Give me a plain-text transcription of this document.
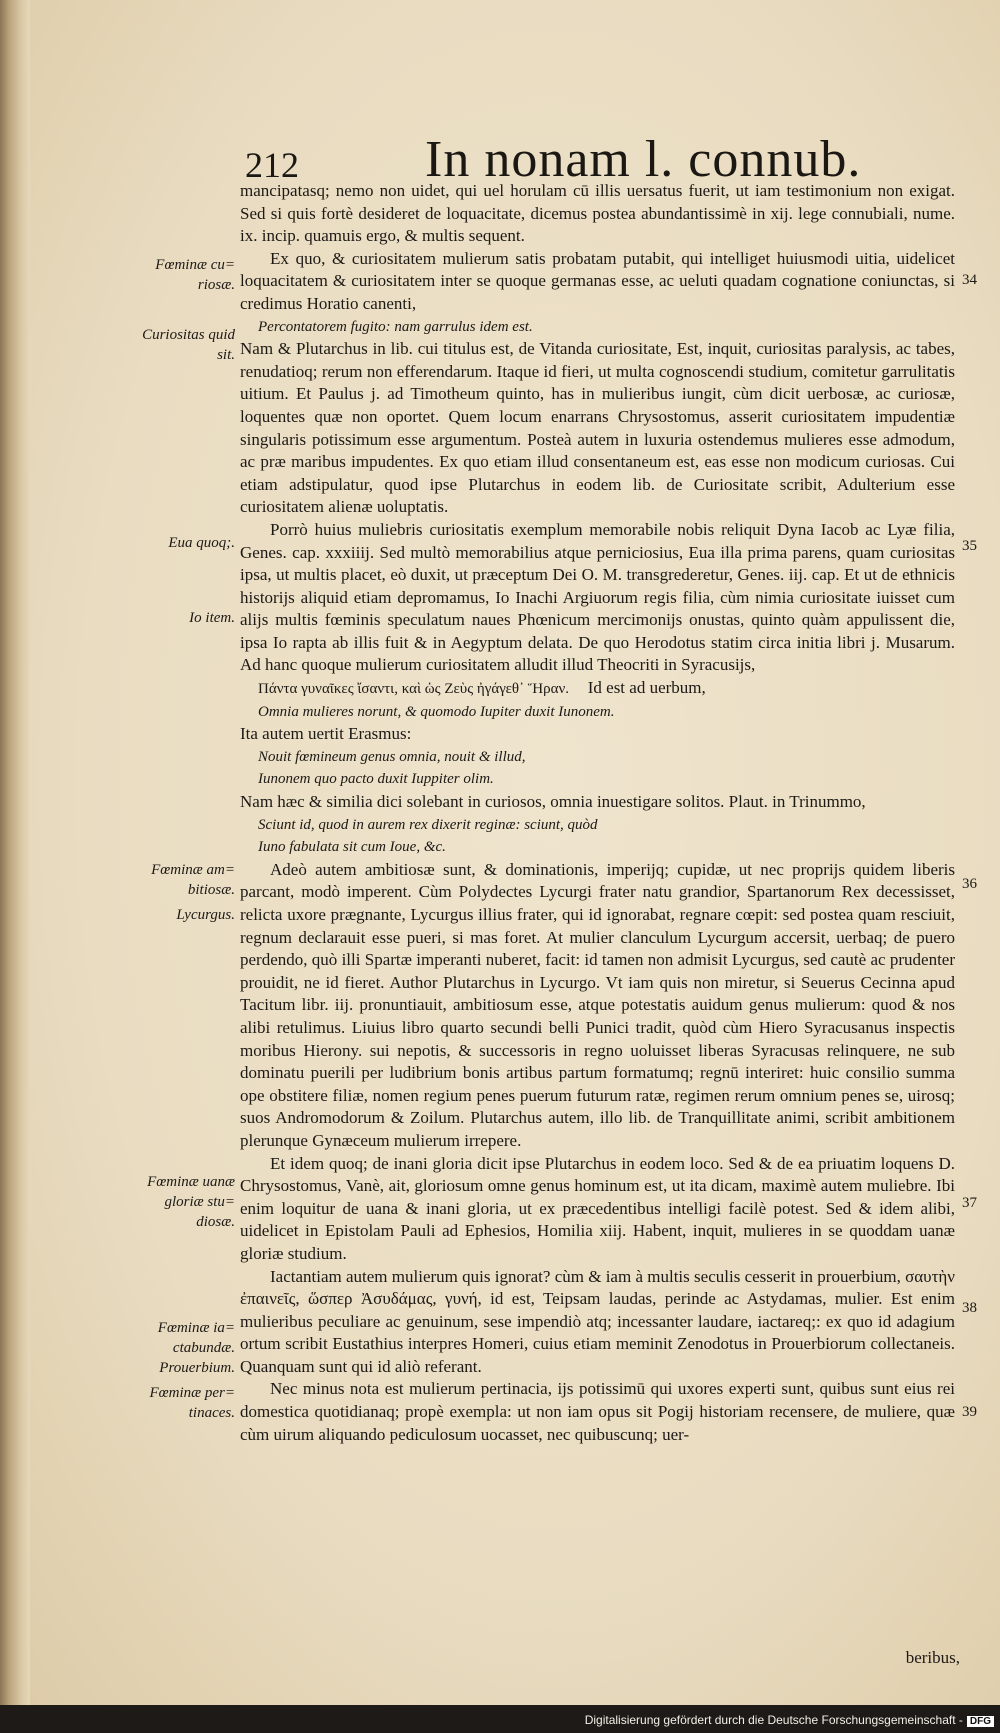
212 In nonam l. connub.
Fœminæ cu= riosæ.
Curiositas quid sit.
Eua quoq;.
Io item.
Fœminæ am= bitiosæ.
Lycurgus.
Fœminæ uanæ gloriæ stu= diosæ.
Fœminæ ia= ctabundæ. Prouerbium.
Fœminæ per= tinaces.
34
35
36
37
38
39

mancipatasq; nemo non uidet, qui uel horulam cū illis uersatus fuerit, ut iam testimonium non exigat. Sed si quis fortè desideret de loquacitate, dicemus postea abundantissimè in xij. lege connubiali, nume. ix. incip. quamuis ergo, & multis sequent.

Ex quo, & curiositatem mulierum satis probatam putabit, qui intelliget huiusmodi uitia, uidelicet loquacitatem & curiositatem inter se quoque germanas esse, ac ueluti quadam cognatione coniunctas, si credimus Horatio canenti,

Percontatorem fugito: nam garrulus idem est.

Nam & Plutarchus in lib. cui titulus est, de Vitanda curiositate, Est, inquit, curiositas paralysis, ac tabes, renudatioq; rerum non efferendarum. Itaque id fieri, ut multa cognoscendi studium, comitetur garrulitatis uitium. Et Paulus j. ad Timotheum quinto, has in mulieribus iungit, cùm dicit uerbosæ, ac curiosæ, loquentes quæ non oportet. Quem locum enarrans Chrysostomus, asserit curiositatem impudentiæ singularis potissimum esse argumentum. Posteà autem in luxuria ostendemus mulieres esse admodum, ac præ maribus impudentes. Ex quo etiam illud consentaneum est, eas esse non modicum curiosas. Cui etiam adstipulatur, quod ipse Plutarchus in eodem lib. de Curiositate scribit, Adulterium esse curiositatem alienæ uoluptatis.

Porrò huius muliebris curiositatis exemplum memorabile nobis reliquit Dyna Iacob ac Lyæ filia, Genes. cap. xxxiiij. Sed multò memorabilius atque perniciosius, Eua illa prima parens, quam curiositas ipsa, ut multis placet, eò duxit, ut præceptum Dei O. M. transgrederetur, Genes. iij. cap. Et ut de ethnicis historijs aliquid etiam depromamus, Io Inachi Argiuorum regis filia, cùm nimia curiositate iuisset cum alijs multis fœminis speculatum naues Phœnicum mercimonijs onustas, quinto quàm appulissent die, ipsa Io rapta ab illis fuit & in Aegyptum delata. De quo Herodotus statim circa initia libri j. Musarum. Ad hanc quoque mulierum curiositatem alludit illud Theocriti in Syracusijs,

Πάντα γυναῖκες ἴσαντι, καὶ ὡς Ζεὺς ἠγάγεθ᾽ Ἥραν. Id est ad uerbum,

Omnia mulieres norunt, & quomodo Iupiter duxit Iunonem.

Ita autem uertit Erasmus:

Nouit fœmineum genus omnia, nouit & illud,

Iunonem quo pacto duxit Iuppiter olim.

Nam hæc & similia dici solebant in curiosos, omnia inuestigare solitos. Plaut. in Trinummo,

Sciunt id, quod in aurem rex dixerit reginæ: sciunt, quòd

Iuno fabulata sit cum Ioue, &c.

Adeò autem ambitiosæ sunt, & dominationis, imperijq; cupidæ, ut nec proprijs quidem liberis parcant, modò imperent. Cùm Polydectes Lycurgi frater natu grandior, Spartanorum Rex decessisset, relicta uxore prægnante, Lycurgus illius frater, qui id ignorabat, regnare cœpit: sed postea quam resciuit, regnum declarauit esse pueri, si mas foret. At mulier clanculum Lycurgum accersit, uerbaq; de puero perdendo, quò illi Spartæ imperanti nuberet, facit: id tamen non admisit Lycurgus, sed cautè ac prudenter prouidit, ne id fieret. Author Plutarchus in Lycurgo. Vt iam quis non miretur, si Seuerus Cecinna apud Tacitum libr. iij. pronuntiauit, ambitiosum esse, atque potestatis auidum genus mulierum: quod & nos alibi retulimus. Liuius libro quarto secundi belli Punici tradit, quòd cùm Hiero Syracusanus inspectis moribus Hierony. sui nepotis, & successoris in regno uoluisset liberas Syracusas relinquere, ne sub dominatu puerili per ludibrium bonis artibus partum formatumq; regnū interiret: huic consilio summa ope obstitere filiæ, nomen regium penes puerum futurum ratæ, regimen rerum omnium penes se, uirosq; suos Andromodorum & Zoilum. Plutarchus autem, illo lib. de Tranquillitate animi, scribit ambitionem plerunque Gynæceum mulierum irrepere.

Et idem quoq; de inani gloria dicit ipse Plutarchus in eodem loco. Sed & de ea priuatim loquens D. Chrysostomus, Vanè, ait, gloriosum omne genus hominum est, ut ita dicam, maximè autem muliebre. Ibi enim loquitur de uana & inani gloria, ut ex præcedentibus intelligi facilè potest. Sed & idem alibi, uidelicet in Epistolam Pauli ad Ephesios, Homilia xiij. Habent, inquit, mulieres in se quoddam uanæ gloriæ studium.

Iactantiam autem mulierum quis ignorat? cùm & iam à multis seculis cesserit in prouerbium, σαυτὴν ἐπαινεῖς, ὥσπερ Ἀσυδάμας, γυνή, id est, Teipsam laudas, perinde ac Astydamas, mulier. Est enim mulieribus peculiare ac genuinum, sese impendiò atq; incessanter laudare, iactareq;: ex quo id adagium ortum scribit Eustathius interpres Homeri, cuius etiam meminit Zenodotus in Prouerbiorum collectaneis. Quanquam sunt qui id aliò referant.

Nec minus nota est mulierum pertinacia, ijs potissimū qui uxores experti sunt, quibus sunt eius rei domestica quotidianaq; propè exempla: ut non iam opus sit Pogij historiam recensere, de muliere, quæ cùm uirum aliquando pediculosum uocasset, nec quibuscunq; uer-

beribus,
Digitalisierung gefördert durch die Deutsche Forschungsgemeinschaft - DFG
